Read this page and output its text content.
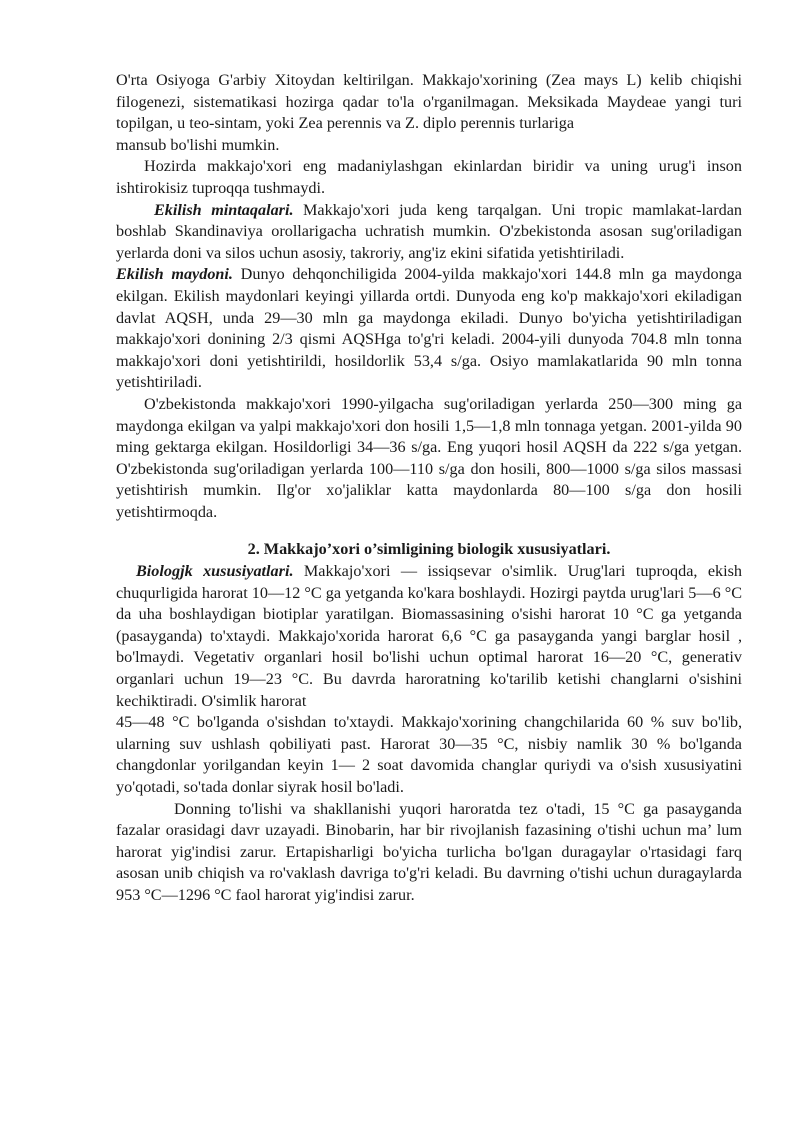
O'rta Osiyoga G'arbiy Xitoydan keltirilgan. Makkajo'xorining (Zea mays L) kelib chiqishi filogenezi, sistematikasi hozirga qadar to'la o'rganilmagan. Meksikada Maydeae yangi turi topilgan, u teo-sintam, yoki Zea perennis va Z. diplo perennis turlariga

mansub bo'lishi mumkin.

Hozirda makkajo'xori eng madaniylashgan ekinlardan biridir va uning urug'i inson ishtirokisiz tuproqqa tushmaydi.

Ekilish mintaqalari. Makkajo'xori juda keng tarqalgan. Uni tropic mamlakat-lardan boshlab Skandinaviya orollarigacha uchratish mumkin. O'zbekistonda asosan sug'oriladigan yerlarda doni va silos uchun asosiy, takroriy, ang'iz ekini sifatida yetishtiriladi.

Ekilish maydoni. Dunyo dehqonchiligida 2004-yilda makkajo'xori 144.8 mln ga maydonga ekilgan. Ekilish maydonlari keyingi yillarda ortdi. Dunyoda eng ko'p makkajo'xori ekiladigan davlat AQSH, unda 29—30 mln ga maydonga ekiladi. Dunyo bo'yicha yetishtiriladigan makkajo'xori donining 2/3 qismi AQSHga to'g'ri keladi. 2004-yili dunyoda 704.8 mln tonna makkajo'xori doni yetishtirildi, hosildorlik 53,4 s/ga. Osiyo mamlakatlarida 90 mln tonna yetishtiriladi.

O'zbekistonda makkajo'xori 1990-yilgacha sug'oriladigan yerlarda 250—300 ming ga maydonga ekilgan va yalpi makkajo'xori don hosili 1,5—1,8 mln tonnaga yetgan. 2001-yilda 90 ming gektarga ekilgan. Hosildorligi 34—36 s/ga. Eng yuqori hosil AQSH da 222 s/ga yetgan. O'zbekistonda sug'oriladigan yerlarda 100—110 s/ga don hosili, 800—1000 s/ga silos massasi yetishtirish mumkin. Ilg'or xo'jaliklar katta maydonlarda 80—100 s/ga don hosili yetishtirmoqda.

2. Makkajo’xori o’simligining biologik xususiyatlari.

Biologjk xususiyatlari. Makkajo'xori — issiqsevar o'simlik. Urug'lari tuproqda, ekish chuqurligida harorat 10—12 °C ga yetganda ko'kara boshlaydi. Hozirgi paytda urug'lari 5―6 °C da uha boshlaydigan biotiplar yaratilgan. Biomassasining o'sishi harorat 10 °C ga yetganda (pasayganda) to'xtaydi. Makkajo'xorida harorat 6,6 °C ga pasayganda yangi barglar hosil , bo'lmaydi. Vegetativ organlari hosil bo'lishi uchun optimal harorat 16―20 °C, generativ organlari uchun 19―23 °C. Bu davrda haroratning ko'tarilib ketishi changlarni o'sishini kechiktiradi. O'simlik harorat

45―48 °C bo'lganda o'sishdan to'xtaydi. Makkajo'xorining changchilarida 60 % suv bo'lib, ularning suv ushlash qobiliyati past. Harorat 30―35 °C, nisbiy namlik 30 % bo'lganda changdonlar yorilgandan keyin 1― 2 soat davomida changlar quriydi va o'sish xususiyatini yo'qotadi, so'tada donlar siyrak hosil bo'ladi.

Donning to'lishi va shakllanishi yuqori haroratda tez o'tadi, 15 °C ga pasayganda fazalar orasidagi davr uzayadi. Binobarin, har bir rivojlanish fazasining o'tishi uchun ma’ lum harorat yig'indisi zarur. Ertapisharligi bo'yicha turlicha bo'lgan duragaylar o'rtasidagi farq asosan unib chiqish va ro'vaklash davriga to'g'ri keladi. Bu davrning o'tishi uchun duragaylarda 953 °C―1296 °C faol harorat yig'indisi zarur.
